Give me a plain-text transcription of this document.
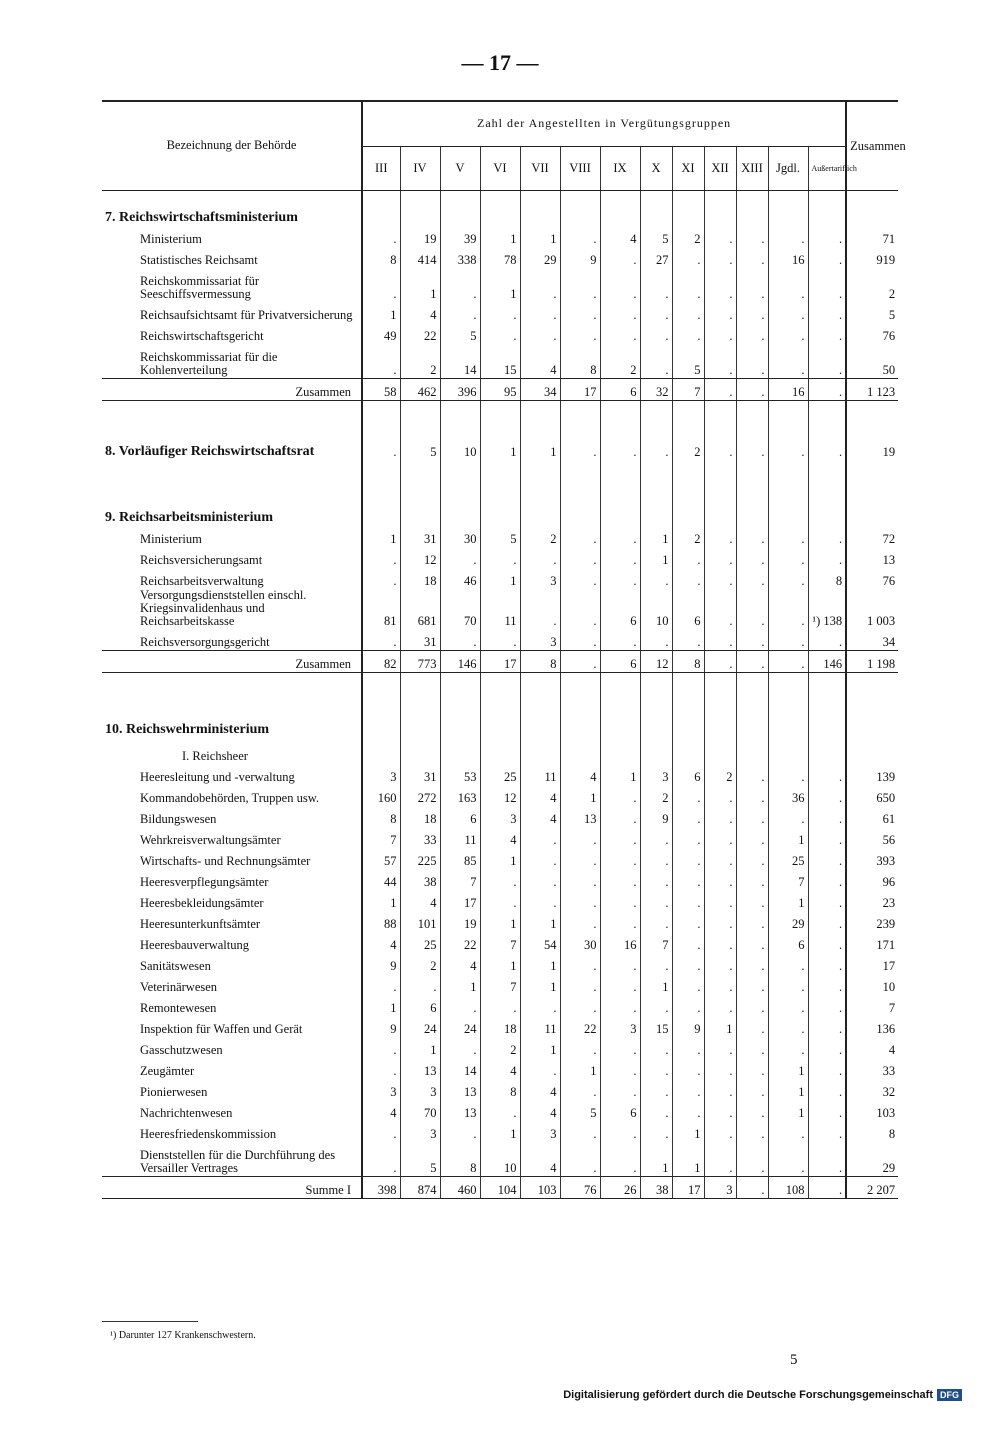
— 17 —
Bezeichnung der Behörde	Zahl der Angestellten in Vergütungsgruppen													Zusammen
	III	IV	V	VI	VII	VIII	IX	X	XI	XII	XIII	Jgdl.	Außertariflich	
7. Reichswirtschaftsministerium														
Ministerium	.	19	39	1	1	.	4	5	2	.	.	.	.	71
Statistisches Reichsamt	8	414	338	78	29	9	.	27	.	.	.	16	.	919
Reichskommissariat für Seeschiffsvermessung	.	1	.	1	.	.	.	.	.	.	.	.	.	2
Reichsaufsichtsamt für Privatversicherung	1	4	.	.	.	.	.	.	.	.	.	.	.	5
Reichswirtschaftsgericht	49	22	5	.	.	.	.	.	.	.	.	.	.	76
Reichskommissariat für die Kohlenverteilung	.	2	14	15	4	8	2	.	5	.	.	.	.	50
Zusammen	58	462	396	95	34	17	6	32	7	.	.	16	.	1 123

8. Vorläufiger Reichswirtschaftsrat	.	5	10	1	1	.	.	.	2	.	.	.	.	19

9. Reichsarbeitsministerium														
Ministerium	1	31	30	5	2	.	.	1	2	.	.	.	.	72
Reichsversicherungsamt	.	12	.	.	.	.	.	1	.	.	.	.	.	13
Reichsarbeitsverwaltung	.	18	46	1	3	.	.	.	.	.	.	.	8	76
Versorgungsdienststellen einschl. Kriegsinvalidenhaus und Reichsarbeitskasse	81	681	70	11	.	.	6	10	6	.	.	.	¹) 138	1 003
Reichsversorgungsgericht	.	31	.	.	3	.	.	.	.	.	.	.	.	34
Zusammen	82	773	146	17	8	.	6	12	8	.	.	.	146	1 198

10. Reichswehrministerium														
I. Reichsheer														
Heeresleitung und -verwaltung	3	31	53	25	11	4	1	3	6	2	.	.	.	139
Kommandobehörden, Truppen usw.	160	272	163	12	4	1	.	2	.	.	.	36	.	650
Bildungswesen	8	18	6	3	4	13	.	9	.	.	.	.	.	61
Wehrkreisverwaltungsämter	7	33	11	4	.	.	.	.	.	.	.	1	.	56
Wirtschafts- und Rechnungsämter	57	225	85	1	.	.	.	.	.	.	.	25	.	393
Heeresverpflegungsämter	44	38	7	.	.	.	.	.	.	.	.	7	.	96
Heeresbekleidungsämter	1	4	17	.	.	.	.	.	.	.	.	1	.	23
Heeresunterkunftsämter	88	101	19	1	1	.	.	.	.	.	.	29	.	239
Heeresbauverwaltung	4	25	22	7	54	30	16	7	.	.	.	6	.	171
Sanitätswesen	9	2	4	1	1	.	.	.	.	.	.	.	.	17
Veterinärwesen	.	.	1	7	1	.	.	1	.	.	.	.	.	10
Remontewesen	1	6	.	.	.	.	.	.	.	.	.	.	.	7
Inspektion für Waffen und Gerät	9	24	24	18	11	22	3	15	9	1	.	.	.	136
Gasschutzwesen	.	1	.	2	1	.	.	.	.	.	.	.	.	4
Zeugämter	.	13	14	4	.	1	.	.	.	.	.	1	.	33
Pionierwesen	3	3	13	8	4	.	.	.	.	.	.	1	.	32
Nachrichtenwesen	4	70	13	.	4	5	6	.	.	.	.	1	.	103
Heeresfriedenskommission	.	3	.	1	3	.	.	.	1	.	.	.	.	8
Dienststellen für die Durchführung des Versailler Vertrages	.	5	8	10	4	.	.	1	1	.	.	.	.	29
Summe I	398	874	460	104	103	76	26	38	17	3	.	108	.	2 207
¹) Darunter 127 Krankenschwestern.
5
Digitalisierung gefördert durch die Deutsche Forschungsgemeinschaft DFG
